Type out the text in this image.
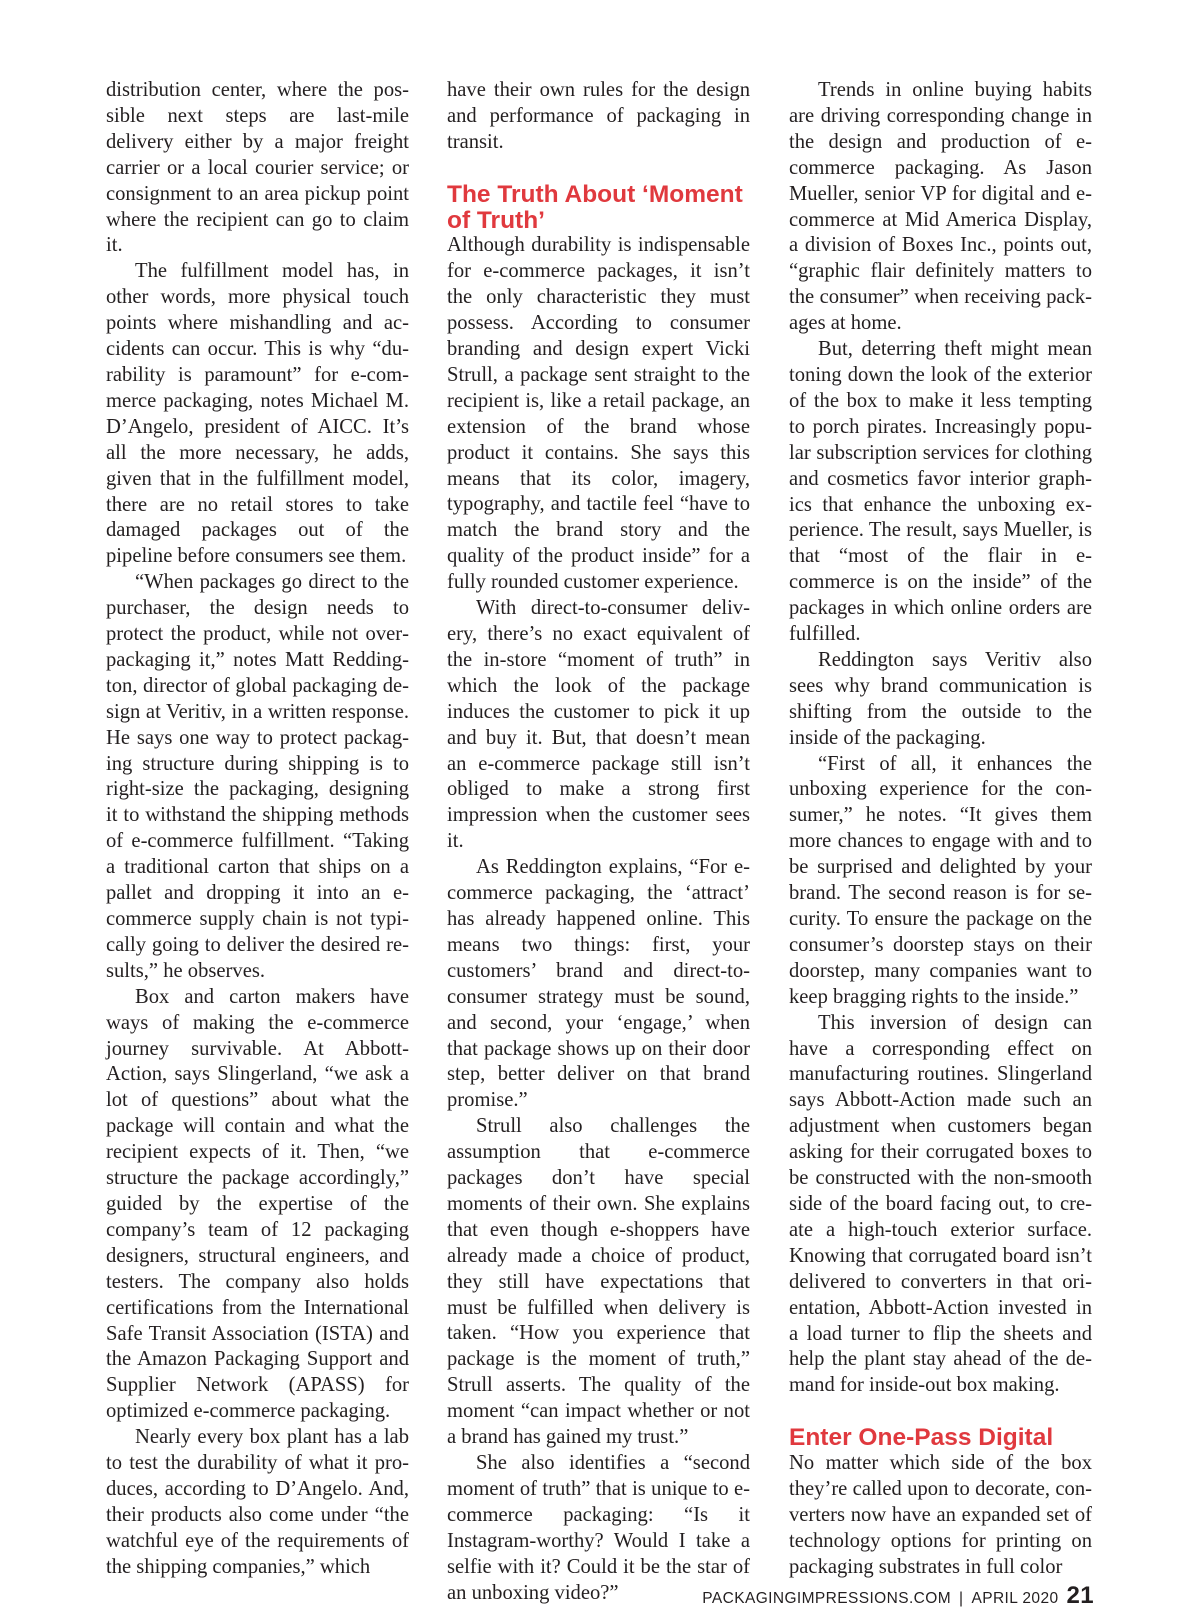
distribution center, where the possible next steps are last-mile delivery either by a major freight carrier or a local courier service; or consignment to an area pickup point where the recipient can go to claim it.

The fulfillment model has, in other words, more physical touch points where mishandling and accidents can occur. This is why “durability is paramount” for e-commerce packaging, notes Michael M. D’Angelo, president of AICC. It’s all the more necessary, he adds, given that in the fulfillment model, there are no retail stores to take damaged packages out of the pipeline before consumers see them.

“When packages go direct to the purchaser, the design needs to protect the product, while not overpackaging it,” notes Matt Reddington, director of global packaging design at Veritiv, in a written response. He says one way to protect packaging structure during shipping is to right-size the packaging, designing it to withstand the shipping methods of e-commerce fulfillment. “Taking a traditional carton that ships on a pallet and dropping it into an e-commerce supply chain is not typically going to deliver the desired results,” he observes.

Box and carton makers have ways of making the e-commerce journey survivable. At Abbott-Action, says Slingerland, “we ask a lot of questions” about what the package will contain and what the recipient expects of it. Then, “we structure the package accordingly,” guided by the expertise of the company’s team of 12 packaging designers, structural engineers, and testers. The company also holds certifications from the International Safe Transit Association (ISTA) and the Amazon Packaging Support and Supplier Network (APASS) for optimized e-commerce packaging.

Nearly every box plant has a lab to test the durability of what it produces, according to D’Angelo. And, their products also come under “the watchful eye of the requirements of the shipping companies,” which

have their own rules for the design and performance of packaging in transit.

The Truth About ‘Moment of Truth’

Although durability is indispensable for e-commerce packages, it isn’t the only characteristic they must possess. According to consumer branding and design expert Vicki Strull, a package sent straight to the recipient is, like a retail package, an extension of the brand whose product it contains. She says this means that its color, imagery, typography, and tactile feel “have to match the brand story and the quality of the product inside” for a fully rounded customer experience.

With direct-to-consumer delivery, there’s no exact equivalent of the in-store “moment of truth” in which the look of the package induces the customer to pick it up and buy it. But, that doesn’t mean an e-commerce package still isn’t obliged to make a strong first impression when the customer sees it.

As Reddington explains, “For e-commerce packaging, the ‘attract’ has already happened online. This means two things: first, your customers’ brand and direct-to-consumer strategy must be sound, and second, your ‘engage,’ when that package shows up on their door step, better deliver on that brand promise.”

Strull also challenges the assumption that e-commerce packages don’t have special moments of their own. She explains that even though e-shoppers have already made a choice of product, they still have expectations that must be fulfilled when delivery is taken. “How you experience that package is the moment of truth,” Strull asserts. The quality of the moment “can impact whether or not a brand has gained my trust.”

She also identifies a “second moment of truth” that is unique to e-commerce packaging: “Is it Instagram-worthy? Would I take a selfie with it? Could it be the star of an unboxing video?”

Trends in online buying habits are driving corresponding change in the design and production of e-commerce packaging. As Jason Mueller, senior VP for digital and e-commerce at Mid America Display, a division of Boxes Inc., points out, “graphic flair definitely matters to the consumer” when receiving packages at home.

But, deterring theft might mean toning down the look of the exterior of the box to make it less tempting to porch pirates. Increasingly popular subscription services for clothing and cosmetics favor interior graphics that enhance the unboxing experience. The result, says Mueller, is that “most of the flair in e-commerce is on the inside” of the packages in which online orders are fulfilled.

Reddington says Veritiv also sees why brand communication is shifting from the outside to the inside of the packaging.

“First of all, it enhances the unboxing experience for the consumer,” he notes. “It gives them more chances to engage with and to be surprised and delighted by your brand. The second reason is for security. To ensure the package on the consumer’s doorstep stays on their doorstep, many companies want to keep bragging rights to the inside.”

This inversion of design can have a corresponding effect on manufacturing routines. Slingerland says Abbott-Action made such an adjustment when customers began asking for their corrugated boxes to be constructed with the non-smooth side of the board facing out, to create a high-touch exterior surface. Knowing that corrugated board isn’t delivered to converters in that orientation, Abbott-Action invested in a load turner to flip the sheets and help the plant stay ahead of the demand for inside-out box making.

Enter One-Pass Digital

No matter which side of the box they’re called upon to decorate, converters now have an expanded set of technology options for printing on packaging substrates in full color

PACKAGINGIMPRESSIONS.COM | APRIL 2020 21
